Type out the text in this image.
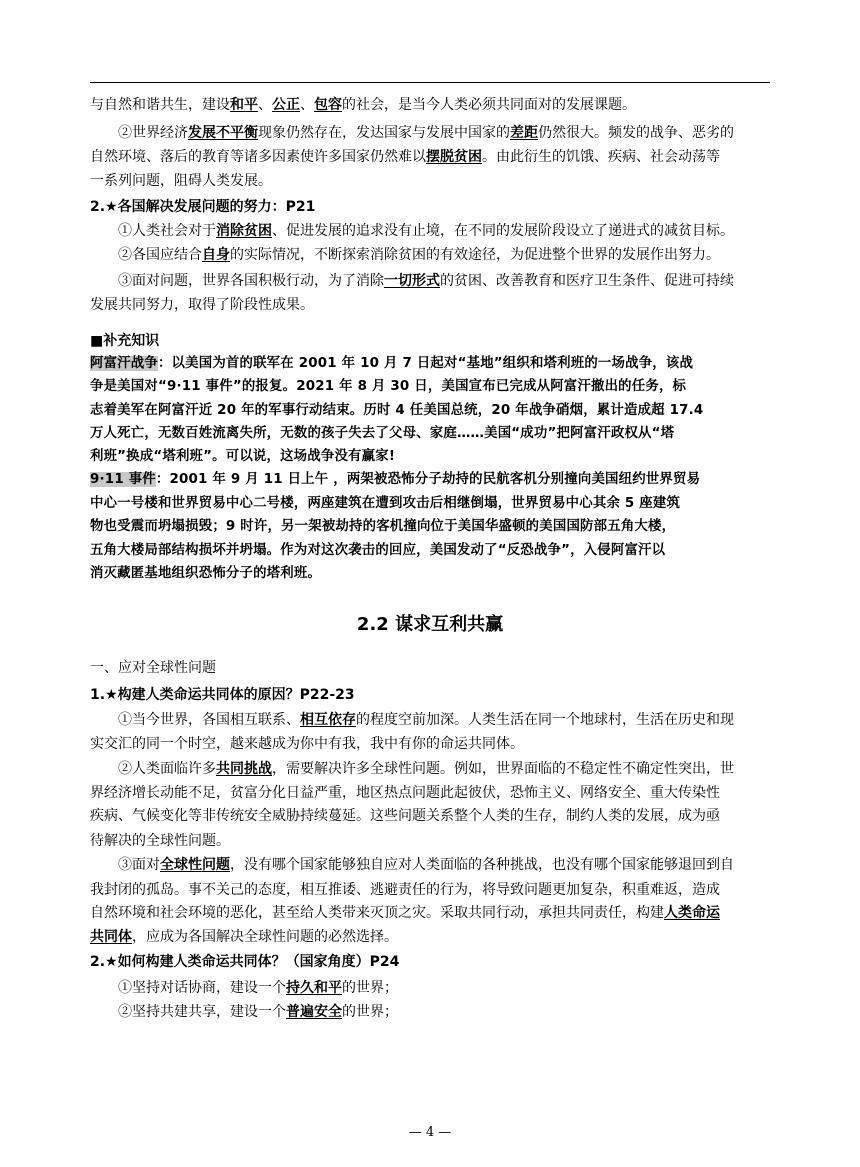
与自然和谐共生，建设和平、公正、包容的社会，是当今人类必须共同面对的发展课题。
②世界经济发展不平衡现象仍然存在，发达国家与发展中国家的差距仍然很大。频发的战争、恶劣的
自然环境、落后的教育等诸多因素使许多国家仍然难以摆脱贫困。由此衍生的饥饿、疾病、社会动荡等
一系列问题，阻碍人类发展。
2.★各国解决发展问题的努力：P21
①人类社会对于消除贫困、促进发展的追求没有止境，在不同的发展阶段设立了递进式的减贫目标。
②各国应结合自身的实际情况，不断探索消除贫困的有效途径，为促进整个世界的发展作出努力。
③面对问题，世界各国积极行动，为了消除一切形式的贫困、改善教育和医疗卫生条件、促进可持续
发展共同努力，取得了阶段性成果。
■补充知识
阿富汗战争：以美国为首的联军在 2001 年 10 月 7 日起对“基地”组织和塔利班的一场战争，该战
争是美国对“9·11 事件”的报复。2021 年 8 月 30 日，美国宣布已完成从阿富汗撤出的任务，标
志着美军在阿富汗近 20 年的军事行动结束。历时 4 任美国总统，20 年战争硝烟，累计造成超 17.4
万人死亡，无数百姓流离失所，无数的孩子失去了父母、家庭……美国“成功”把阿富汗政权从“塔
利班”换成“塔利班”。可以说，这场战争没有赢家!
9·11 事件：2001 年 9 月 11 日上午 ，两架被恐怖分子劫持的民航客机分别撞向美国纽约世界贸易
中心一号楼和世界贸易中心二号楼，两座建筑在遭到攻击后相继倒塌，世界贸易中心其余 5 座建筑
物也受震而坍塌损毁；9 时许，另一架被劫持的客机撞向位于美国华盛顿的美国国防部五角大楼，
五角大楼局部结构损坏并坍塌。作为对这次袭击的回应，美国发动了“反恐战争”，入侵阿富汗以
消灭藏匿基地组织恐怖分子的塔利班。
一、应对全球性问题
1.★构建人类命运共同体的原因？P22-23
①当今世界，各国相互联系、相互依存的程度空前加深。人类生活在同一个地球村，生活在历史和现
实交汇的同一个时空，越来越成为你中有我，我中有你的命运共同体。
②人类面临许多共同挑战，需要解决许多全球性问题。例如，世界面临的不稳定性不确定性突出，世
界经济增长动能不足，贫富分化日益严重，地区热点问题此起彼伏，恐怖主义、网络安全、重大传染性
疾病、气候变化等非传统安全威胁持续蔓延。这些问题关系整个人类的生存，制约人类的发展，成为亟
待解决的全球性问题。
③面对全球性问题，没有哪个国家能够独自应对人类面临的各种挑战，也没有哪个国家能够退回到自
我封闭的孤岛。事不关己的态度，相互推诿、逃避责任的行为，将导致问题更加复杂，积重难返，造成
自然环境和社会环境的恶化，甚至给人类带来灭顶之灾。采取共同行动，承担共同责任，构建人类命运
共同体，应成为各国解决全球性问题的必然选择。
2.★如何构建人类命运共同体？（国家角度）P24
①坚持对话协商，建设一个持久和平的世界；
②坚持共建共享，建设一个普遍安全的世界；
2.2 谋求互利共赢
— 4 —
